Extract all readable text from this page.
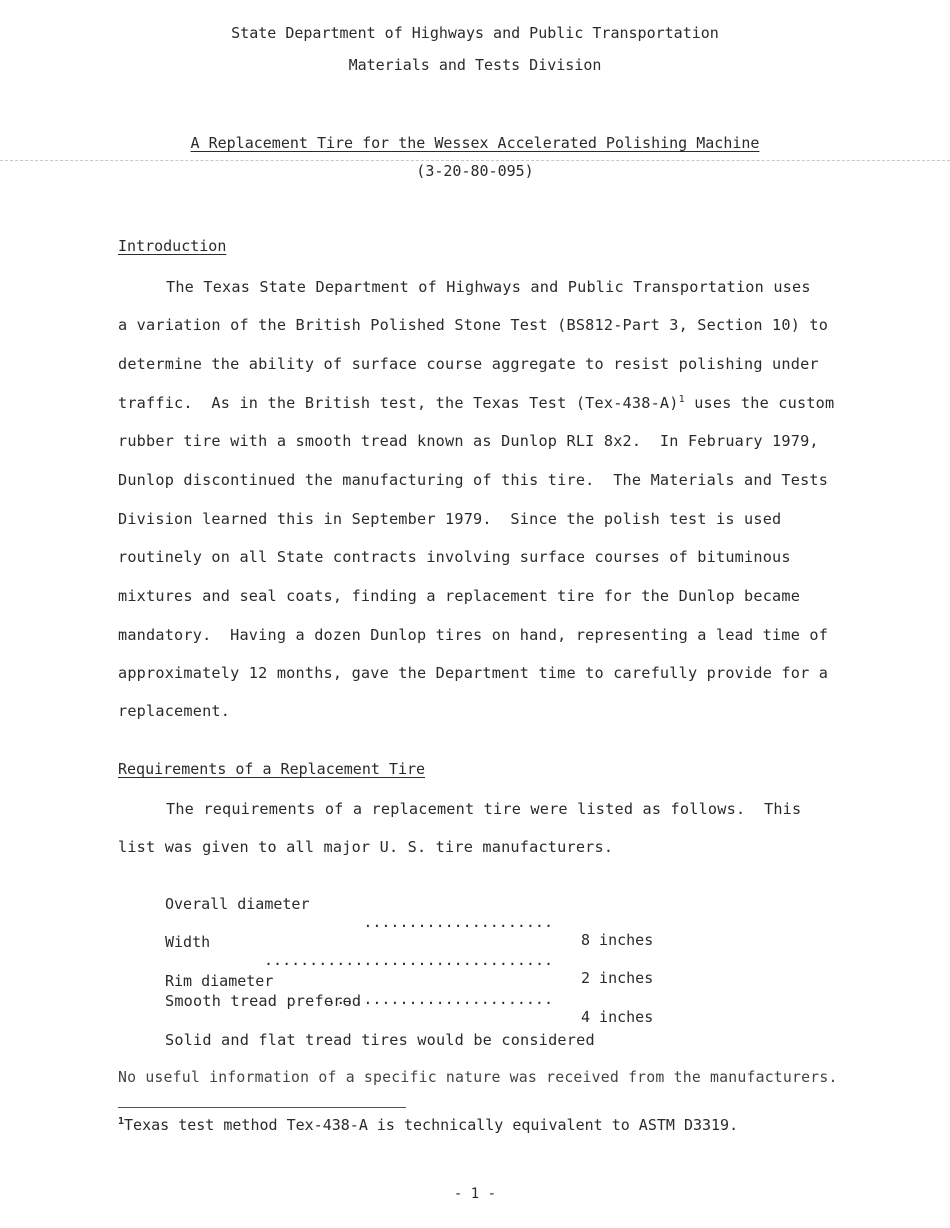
State Department of Highways and Public Transportation
Materials and Tests Division
A Replacement Tire for the Wessex Accelerated Polishing Machine
(3-20-80-095)
Introduction
The Texas State Department of Highways and Public Transportation uses
a variation of the British Polished Stone Test (BS812-Part 3, Section 10) to
determine the ability of surface course aggregate to resist polishing under
traffic.  As in the British test, the Texas Test $(Tex-438-A)^1$ uses the custom
rubber tire with a smooth tread known as Dunlop RLI 8x2.  In February 1979,
Dunlop discontinued the manufacturing of this tire.  The Materials and Tests
Division learned this in September 1979.  Since the polish test is used
routinely on all State contracts involving surface courses of bituminous
mixtures and seal coats, finding a replacement tire for the Dunlop became
mandatory.  Having a dozen Dunlop tires on hand, representing a lead time of
approximately 12 months, gave the Department time to carefully provide for a
replacement.
Requirements of a Replacement Tire
The requirements of a replacement tire were listed as follows.  This
list was given to all major U. S. tire manufacturers.

Overall diameter

.....................

8 inches

Width

................................

2 inches

Rim diameter

.........................

4 inches

Smooth tread prefered
Solid and flat tread tires would be considered
No useful information of a specific nature was received from the manufacturers.
$^1$Texas test method Tex-438-A is technically equivalent to ASTM D3319.
- 1 -
